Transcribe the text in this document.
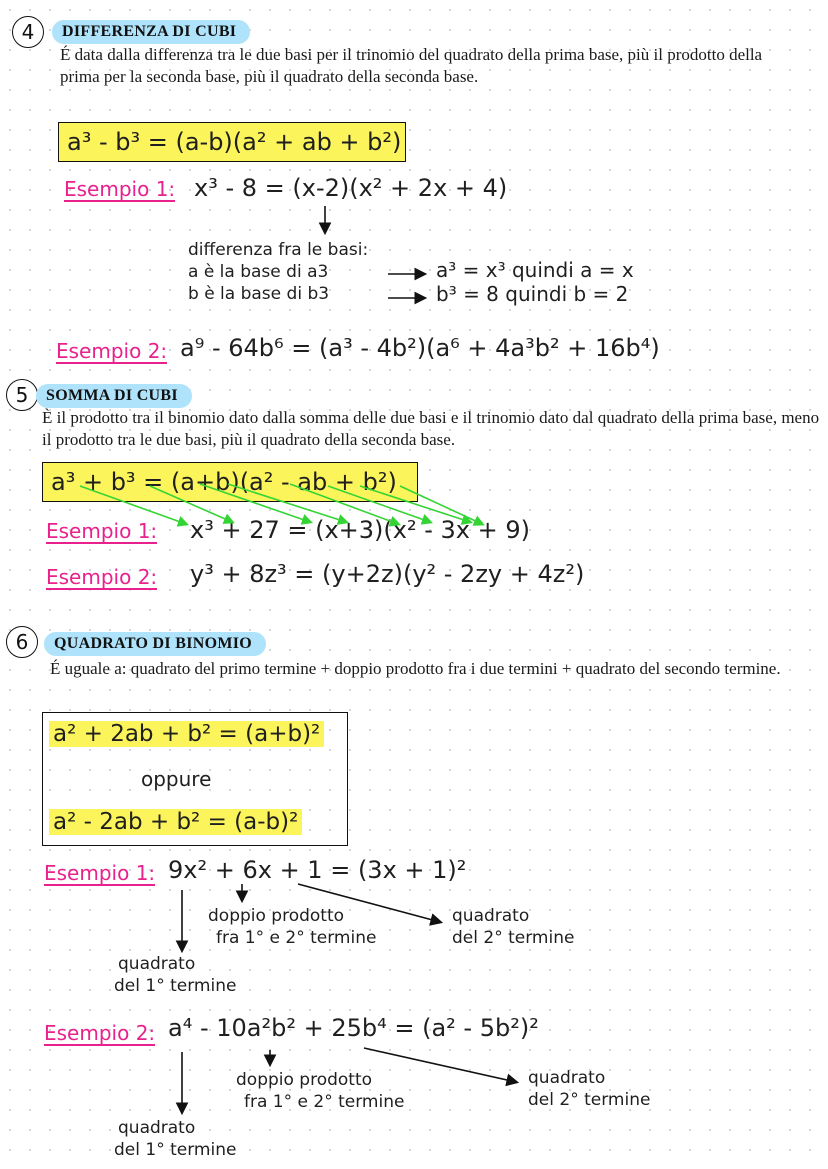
4	DIFFERENZA DI CUBI
É data dalla differenza tra le due basi per il trinomio del quadrato della prima base, più il prodotto della prima per la seconda base, più il quadrato della seconda base.
a³ - b³ = (a-b)(a² + ab + b²)
Esempio 1: x³ - 8 = (x-2)(x² + 2x + 4)
differenza fra le basi:
a è la base di a3	a³ = x³ quindi a = x
b è la base di b3	b³ = 8 quindi b = 2
Esempio 2: a⁹ - 64b⁶ = (a³ - 4b²)(a⁶ + 4a³b² + 16b⁴)
5	SOMMA DI CUBI
È il prodotto tra il binomio dato dalla somma delle due basi e il trinomio dato dal quadrato della prima base, meno il prodotto tra le due basi, più il quadrato della seconda base.
a³ + b³ = (a+b)(a² - ab + b²)
Esempio 1: x³ + 27 = (x+3)(x² - 3x + 9)
Esempio 2: y³ + 8z³ = (y+2z)(y² - 2zy + 4z²)
6	QUADRATO DI BINOMIO
É uguale a: quadrato del primo termine + doppio prodotto fra i due termini + quadrato del secondo termine.
a² + 2ab + b² = (a+b)²
oppure
a² - 2ab + b² = (a-b)²
Esempio 1: 9x² + 6x + 1 = (3x + 1)²
doppio prodotto
fra 1° e 2° termine
quadrato
del 2° termine
quadrato
del 1° termine
Esempio 2: a⁴ - 10a²b² + 25b⁴ = (a² - 5b²)²
doppio prodotto
fra 1° e 2° termine
quadrato
del 2° termine
quadrato
del 1° termine
